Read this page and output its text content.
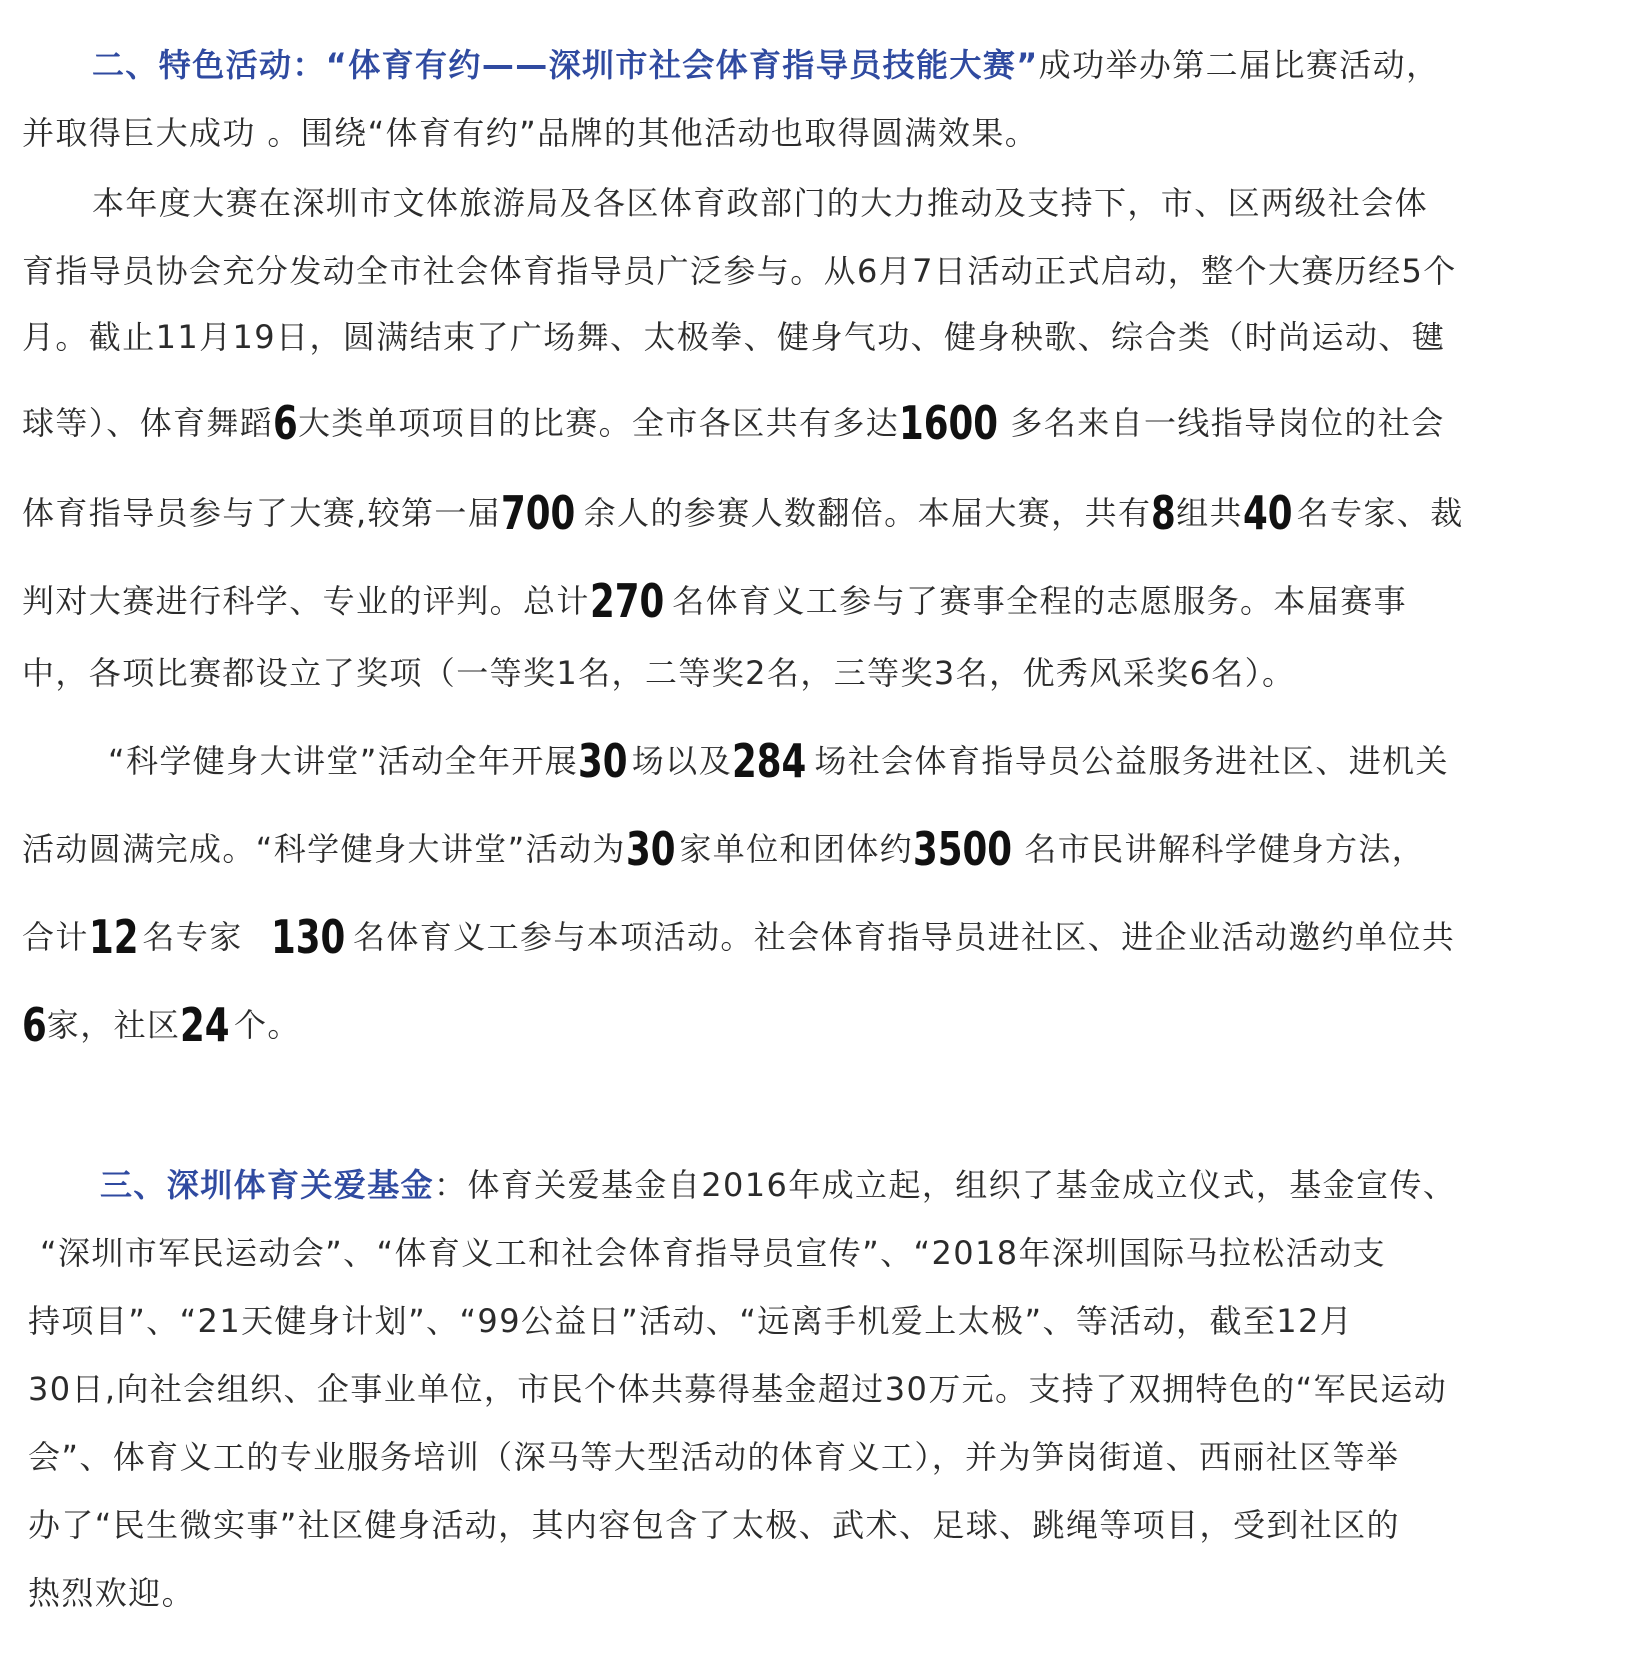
二、特色活动：“体育有约——深圳市社会体育指导员技能大赛” 成功举办第二届比赛活动，
并取得巨大成功 。围绕“体育有约”品牌的其他活动也取得圆满效果。
本年度大赛在深圳市文体旅游局及各区体育政部门的大力推动及支持下，市、区两级社会体
育指导员协会充分发动全市社会体育指导员广泛参与。从6月7日活动正式启动，整个大赛历经5个
月。截止11月19日，圆满结束了广场舞、太极拳、健身气功、健身秧歌、综合类（时尚运动、毽
球等）、体育舞蹈 6 大类单项项目的比赛。全市各区共有多达 1600 多名来自一线指导岗位的社会
体育指导员参与了大赛,较第一届 700 余人的参赛人数翻倍。本届大赛，共有 8 组共 40 名专家、裁
判对大赛进行科学、专业的评判。总计 270 名体育义工参与了赛事全程的志愿服务。本届赛事
中，各项比赛都设立了奖项（一等奖1名，二等奖2名，三等奖3名，优秀风采奖6名）。
“科学健身大讲堂”活动全年开展 30 场以及 284 场社会体育指导员公益服务进社区、进机关
活动圆满完成。“科学健身大讲堂”活动为 30 家单位和团体约 3500 名市民讲解科学健身方法，
合计 12 名专家 130 名体育义工参与本项活动。社会体育指导员进社区、进企业活动邀约单位共
6 家，社区 24 个。
三、深圳体育关爱基金 ：体育关爱基金自2016年成立起，组织了基金成立仪式，基金宣传、
“深圳市军民运动会”、“体育义工和社会体育指导员宣传”、“2018年深圳国际马拉松活动支
持项目”、“21天健身计划”、“99公益日”活动、“远离手机爱上太极”、等活动，截至12月
30日,向社会组织、企事业单位，市民个体共募得基金超过30万元。支持了双拥特色的“军民运动
会”、体育义工的专业服务培训（深马等大型活动的体育义工），并为笋岗街道、西丽社区等举
办了“民生微实事”社区健身活动，其内容包含了太极、武术、足球、跳绳等项目，受到社区的
热烈欢迎。
